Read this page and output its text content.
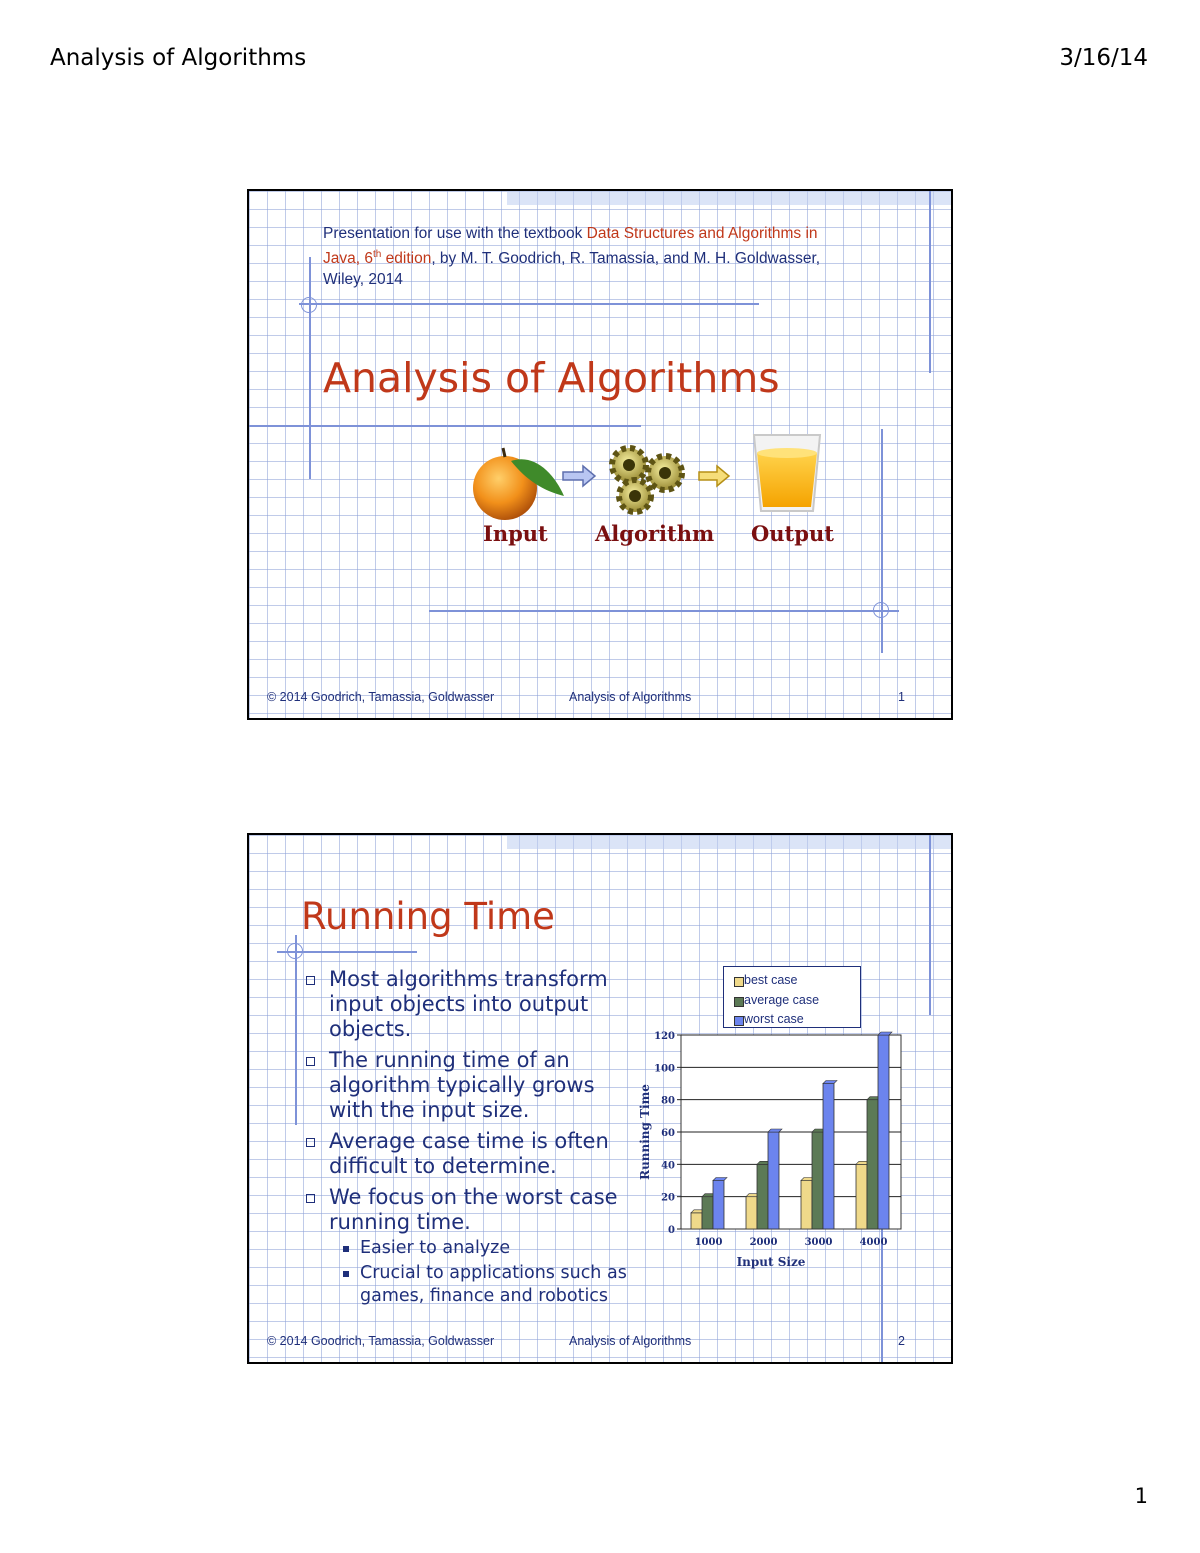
Analysis of Algorithms	3/16/14
Presentation for use with the textbook Data Structures and Algorithms in Java, 6th edition, by M. T. Goodrich, R. Tamassia, and M. H. Goldwasser, Wiley, 2014
Analysis of Algorithms
Input Algorithm Output
© 2014 Goodrich, Tamassia, Goldwasser	Analysis of Algorithms	1
Running Time
Most algorithms transform input objects into output objects.
The running time of an algorithm typically grows with the input size.
Average case time is often difficult to determine.
We focus on the worst case running time.
Easier to analyze
Crucial to applications such as games, finance and robotics
best case
average case
worst case
0
20
40
60
80
100
120
1000	2000	3000	4000
Input Size
Running Time
© 2014 Goodrich, Tamassia, Goldwasser	Analysis of Algorithms	2
1
